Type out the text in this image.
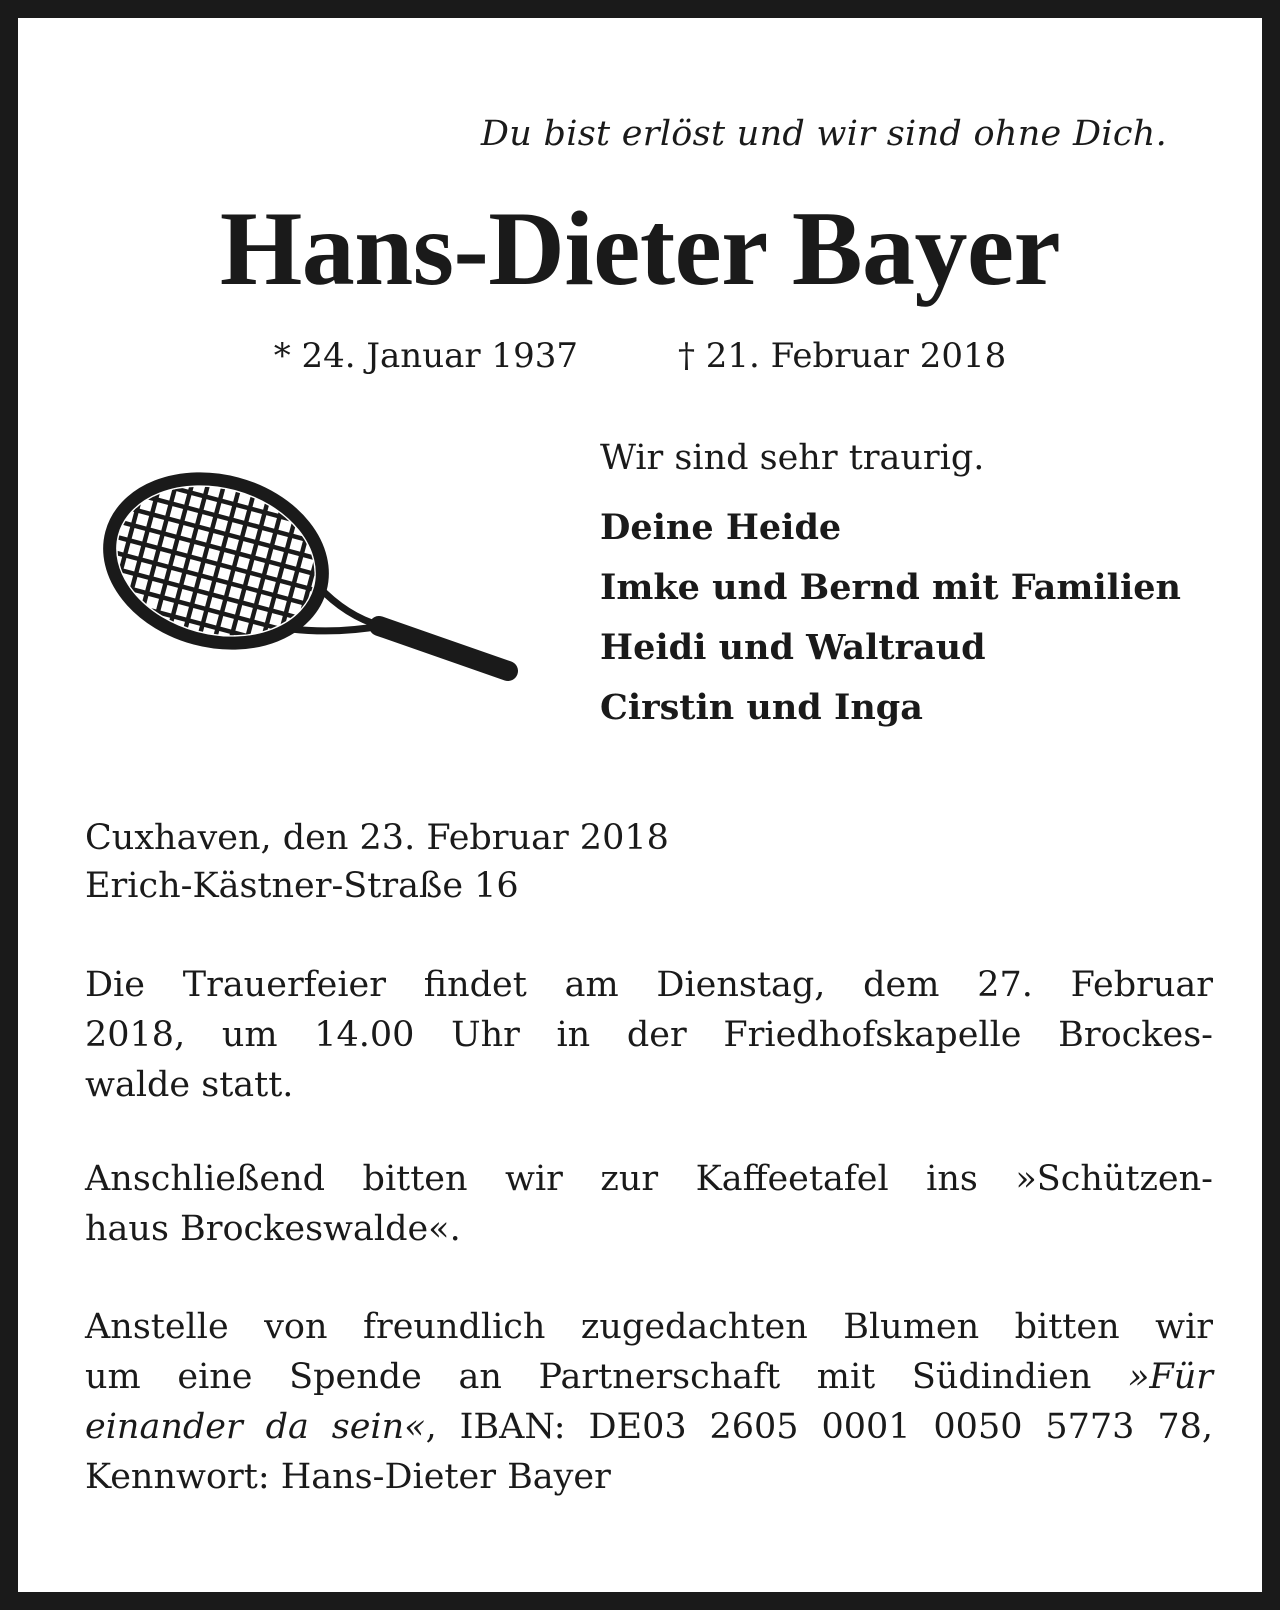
Du bist erlöst und wir sind ohne Dich.
Hans-Dieter Bayer
* 24. Januar 1937	† 21. Februar 2018
Wir sind sehr traurig.
Deine Heide
Imke und Bernd mit Familien
Heidi und Waltraud
Cirstin und Inga
Cuxhaven, den 23. Februar 2018
Erich-Kästner-Straße 16
Die Trauerfeier findet am Dienstag, dem 27. Februar
2018, um 14.00 Uhr in der Friedhofskapelle Brockes-
walde statt.
Anschließend bitten wir zur Kaffeetafel ins »Schützen-
haus Brockeswalde«.
Anstelle von freundlich zugedachten Blumen bitten wir
um eine Spende an Partnerschaft mit Südindien »Für
einander da sein«, IBAN: DE03 2605 0001 0050 5773 78,
Kennwort: Hans-Dieter Bayer
